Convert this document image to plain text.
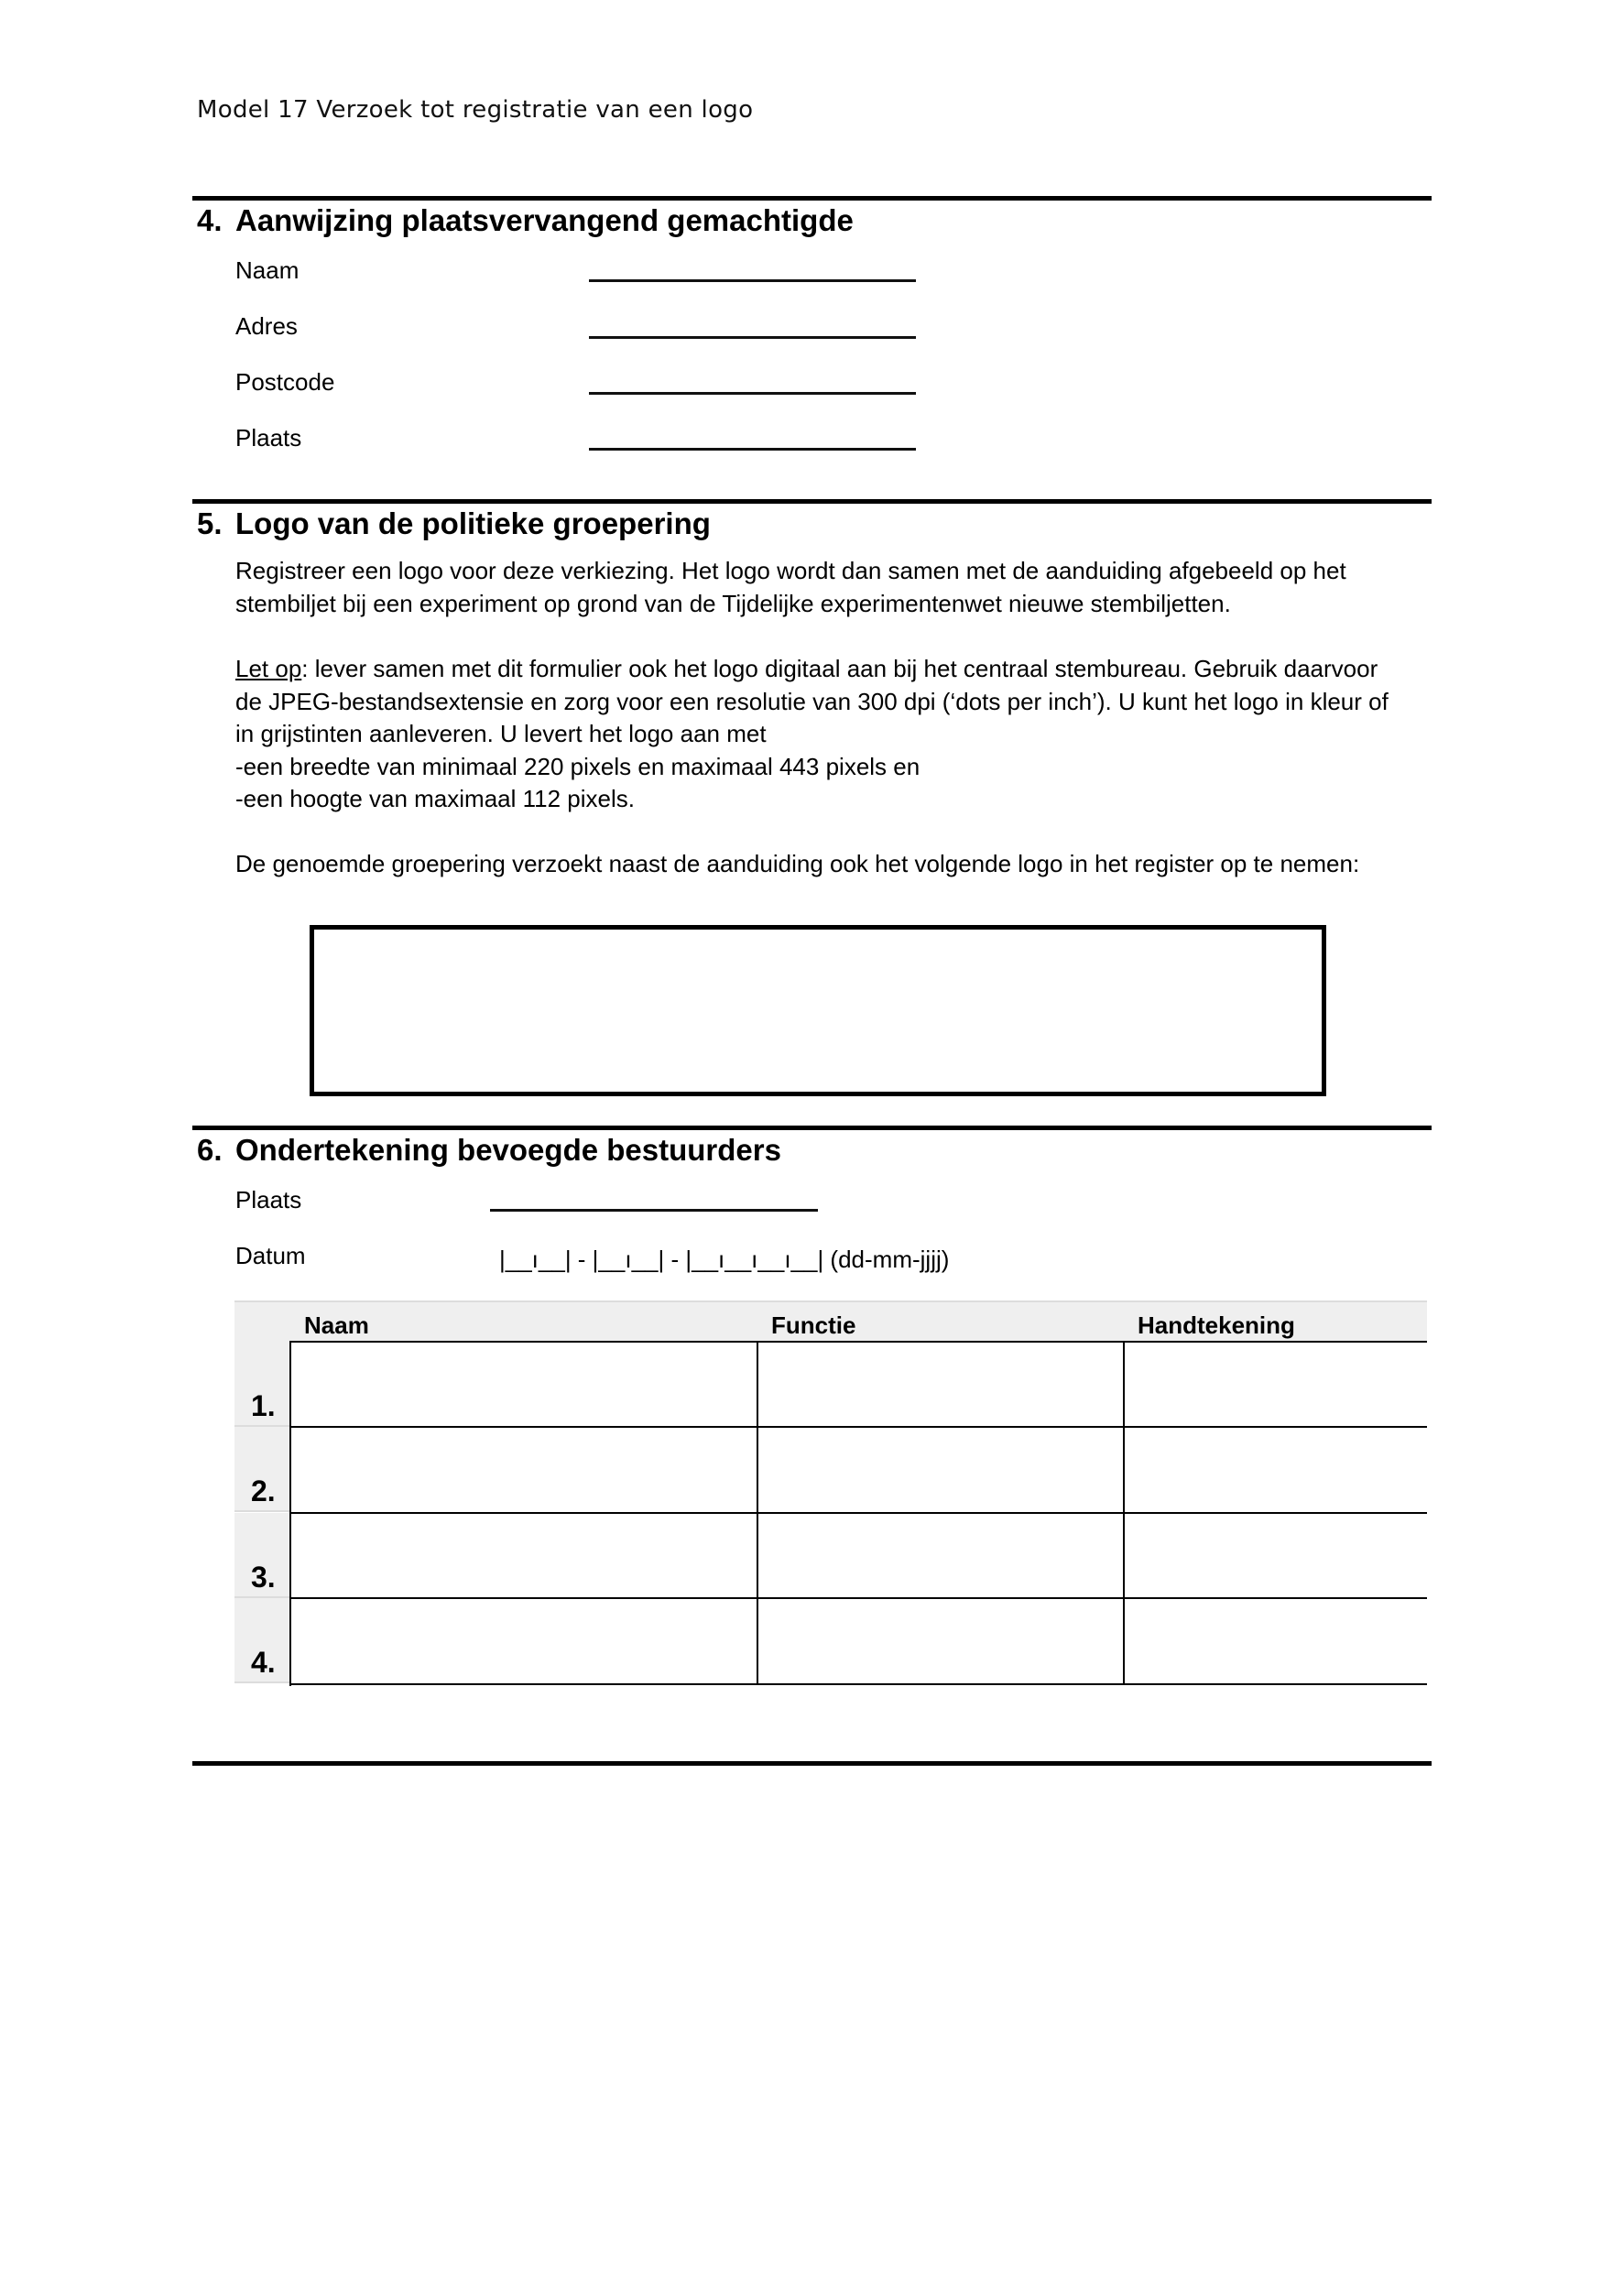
Model 17 Verzoek tot registratie van een logo
4. Aanwijzing plaatsvervangend gemachtigde
Naam
Adres
Postcode
Plaats
5. Logo van de politieke groepering

Registreer een logo voor deze verkiezing. Het logo wordt dan samen met de aanduiding afgebeeld op het

stembiljet bij een experiment op grond van de Tijdelijke experimentenwet nieuwe stembiljetten.

Let op: lever samen met dit formulier ook het logo digitaal aan bij het centraal stembureau. Gebruik daarvoor

de JPEG-bestandsextensie en zorg voor een resolutie van 300 dpi (‘dots per inch’). U kunt het logo in kleur of

in grijstinten aanleveren. U levert het logo aan met

-een breedte van minimaal 220 pixels en maximaal 443 pixels en

-een hoogte van maximaal 112 pixels.

De genoemde groepering verzoekt naast de aanduiding ook het volgende logo in het register op te nemen:

6. Ondertekening bevoegde bestuurders
Plaats
Datum	|__ı__| - |__ı__| - |__ı__ı__ı__| (dd-mm-jjjj)
Naam	Functie	Handtekening
1.
2.
3.
4.
